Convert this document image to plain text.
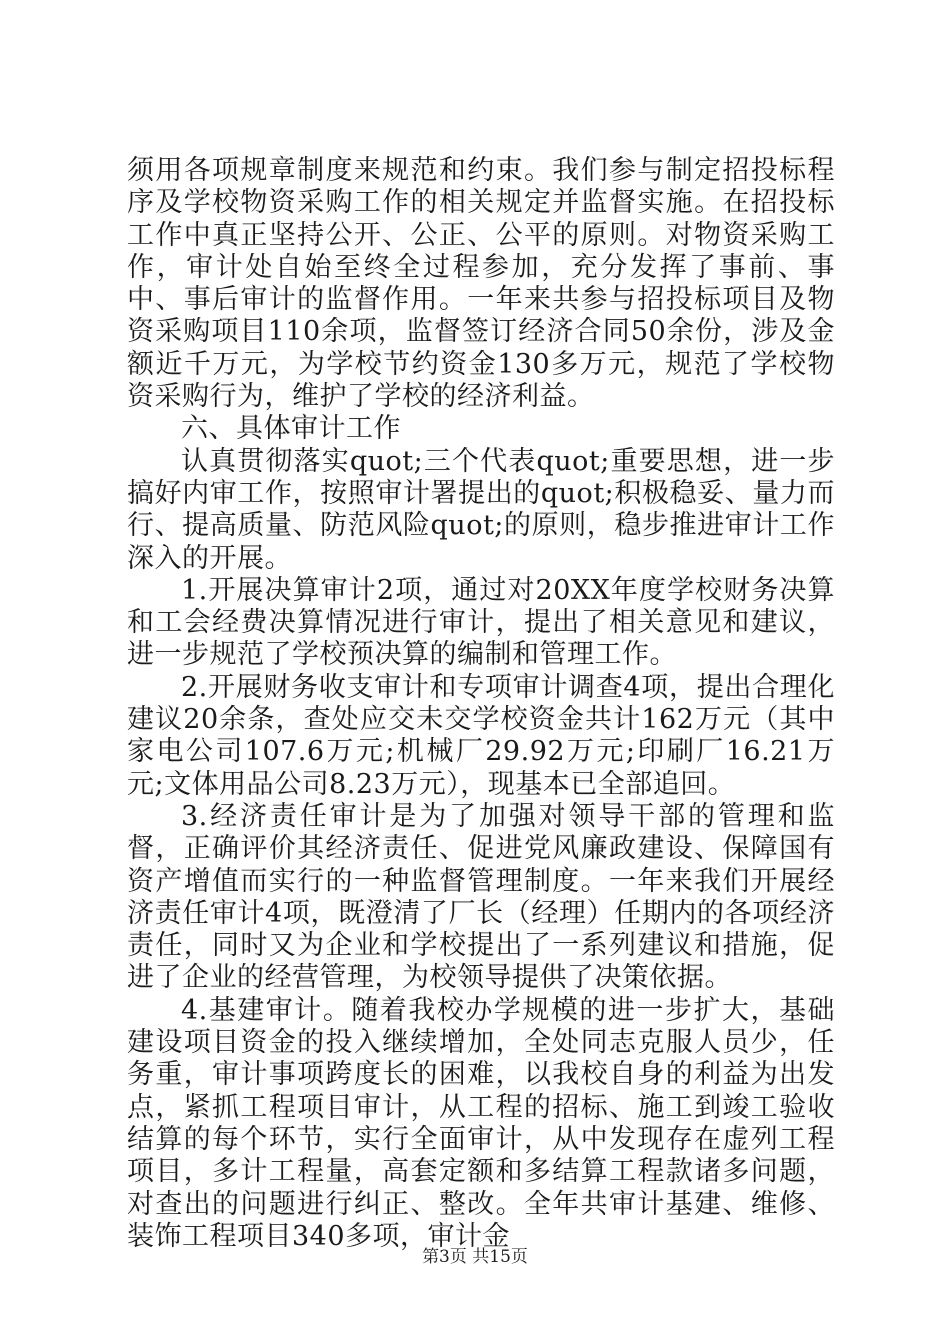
须用各项规章制度来规范和约束。我们参与制定招投标程序及学校物资采购工作的相关规定并监督实施。在招投标工作中真正坚持公开、公正、公平的原则。对物资采购工作，审计处自始至终全过程参加，充分发挥了事前、事中、事后审计的监督作用。一年来共参与招投标项目及物资采购项目110余项，监督签订经济合同50余份，涉及金额近千万元，为学校节约资金130多万元，规范了学校物资采购行为，维护了学校的经济利益。

六、具体审计工作

认真贯彻落实quot;三个代表quot;重要思想，进一步搞好内审工作，按照审计署提出的quot;积极稳妥、量力而行、提高质量、防范风险quot;的原则，稳步推进审计工作深入的开展。

1.开展决算审计2项，通过对20XX年度学校财务决算和工会经费决算情况进行审计，提出了相关意见和建议，进一步规范了学校预决算的编制和管理工作。

2.开展财务收支审计和专项审计调查4项，提出合理化建议20余条，查处应交未交学校资金共计162万元（其中家电公司107.6万元;机械厂29.92万元;印刷厂16.21万元;文体用品公司8.23万元），现基本已全部追回。

3.经济责任审计是为了加强对领导干部的管理和监督，正确评价其经济责任、促进党风廉政建设、保障国有资产增值而实行的一种监督管理制度。一年来我们开展经济责任审计4项，既澄清了厂长（经理）任期内的各项经济责任，同时又为企业和学校提出了一系列建议和措施，促进了企业的经营管理，为校领导提供了决策依据。

4.基建审计。随着我校办学规模的进一步扩大，基础建设项目资金的投入继续增加，全处同志克服人员少，任务重，审计事项跨度长的困难，以我校自身的利益为出发点，紧抓工程项目审计，从工程的招标、施工到竣工验收结算的每个环节，实行全面审计，从中发现存在虚列工程项目，多计工程量，高套定额和多结算工程款诸多问题，对查出的问题进行纠正、整改。全年共审计基建、维修、装饰工程项目340多项，审计金

第3页 共15页
